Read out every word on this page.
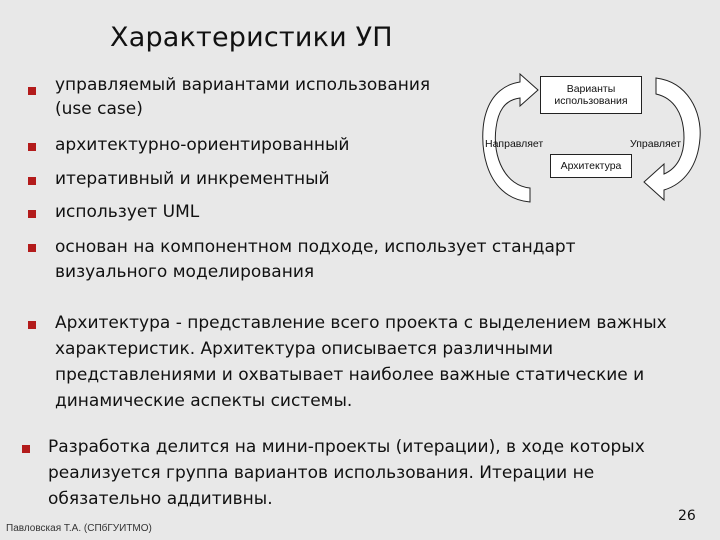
Характеристики УП
управляемый вариантами использования
(use case)
архитектурно-ориентированный
итеративный и инкрементный
использует UML
основан на компонентном подходе, использует стандарт
визуального моделирования
Архитектура - представление всего проекта с выделением важных
характеристик. Архитектура описывается различными
представлениями и охватывает наиболее важные статические и
динамические аспекты системы.
Разработка делится на мини-проекты (итерации), в ходе которых
реализуется группа вариантов использования. Итерации не
обязательно аддитивны.
Варианты
использования
Направляет	Управляет
Архитектура
Павловская Т.А. (СПбГУИТМО)
26
